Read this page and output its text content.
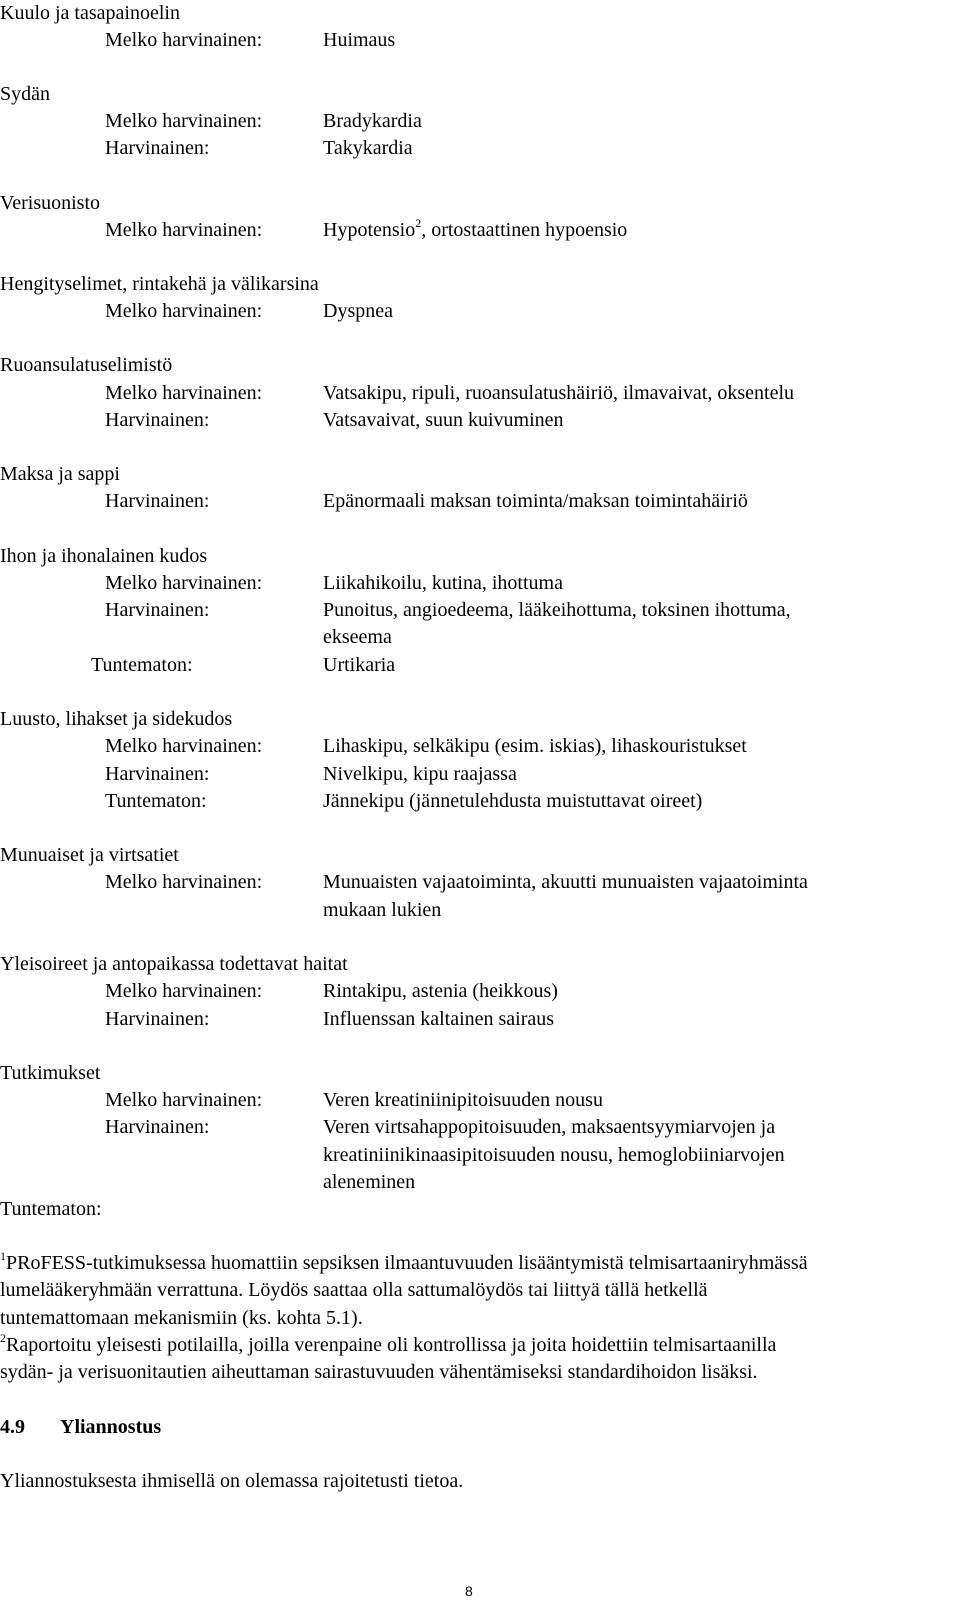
Kuulo ja tasapainoelin
Melko harvinainen:	Huimaus
Sydän
Melko harvinainen:	Bradykardia
Harvinainen:	Takykardia
Verisuonisto
Melko harvinainen:	Hypotensio$^2$, ortostaattinen hypoensio
Hengityselimet, rintakehä ja välikarsina
Melko harvinainen:	Dyspnea
Ruoansulatuselimistö
Melko harvinainen:	Vatsakipu, ripuli, ruoansulatushäiriö, ilmavaivat, oksentelu
Harvinainen:	Vatsavaivat, suun kuivuminen
Maksa ja sappi
Harvinainen:	Epänormaali maksan toiminta/maksan toimintahäiriö
Ihon ja ihonalainen kudos
Melko harvinainen:	Liikahikoilu, kutina, ihottuma
Harvinainen:	Punoitus, angioedeema, lääkeihottuma, toksinen ihottuma,
ekseema
Tuntematon:	Urtikaria
Luusto, lihakset ja sidekudos
Melko harvinainen:	Lihaskipu, selkäkipu (esim. iskias), lihaskouristukset
Harvinainen:	Nivelkipu, kipu raajassa
Tuntematon:	Jännekipu (jännetulehdusta muistuttavat oireet)
Munuaiset ja virtsatiet
Melko harvinainen:	Munuaisten vajaatoiminta, akuutti munuaisten vajaatoiminta
mukaan lukien
Yleisoireet ja antopaikassa todettavat haitat
Melko harvinainen:	Rintakipu, astenia (heikkous)
Harvinainen:	Influenssan kaltainen sairaus
Tutkimukset
Melko harvinainen:	Veren kreatiniinipitoisuuden nousu
Harvinainen:	Veren virtsahappopitoisuuden, maksaentsyymiarvojen ja
kreatiniinikinaasipitoisuuden nousu, hemoglobiiniarvojen
aleneminen
Tuntematon:
$^1$PRoFESS-tutkimuksessa huomattiin sepsiksen ilmaantuvuuden lisääntymistä telmisartaaniryhmässä
lumelääkeryhmään verrattuna. Löydös saattaa olla sattumalöydös tai liittyä tällä hetkellä
tuntemattomaan mekanismiin (ks. kohta 5.1).
$^2$Raportoitu yleisesti potilailla, joilla verenpaine oli kontrollissa ja joita hoidettiin telmisartaanilla
sydän- ja verisuonitautien aiheuttaman sairastuvuuden vähentämiseksi standardihoidon lisäksi.
4.9 Yliannostus
Yliannostuksesta ihmisellä on olemassa rajoitetusti tietoa.
8
